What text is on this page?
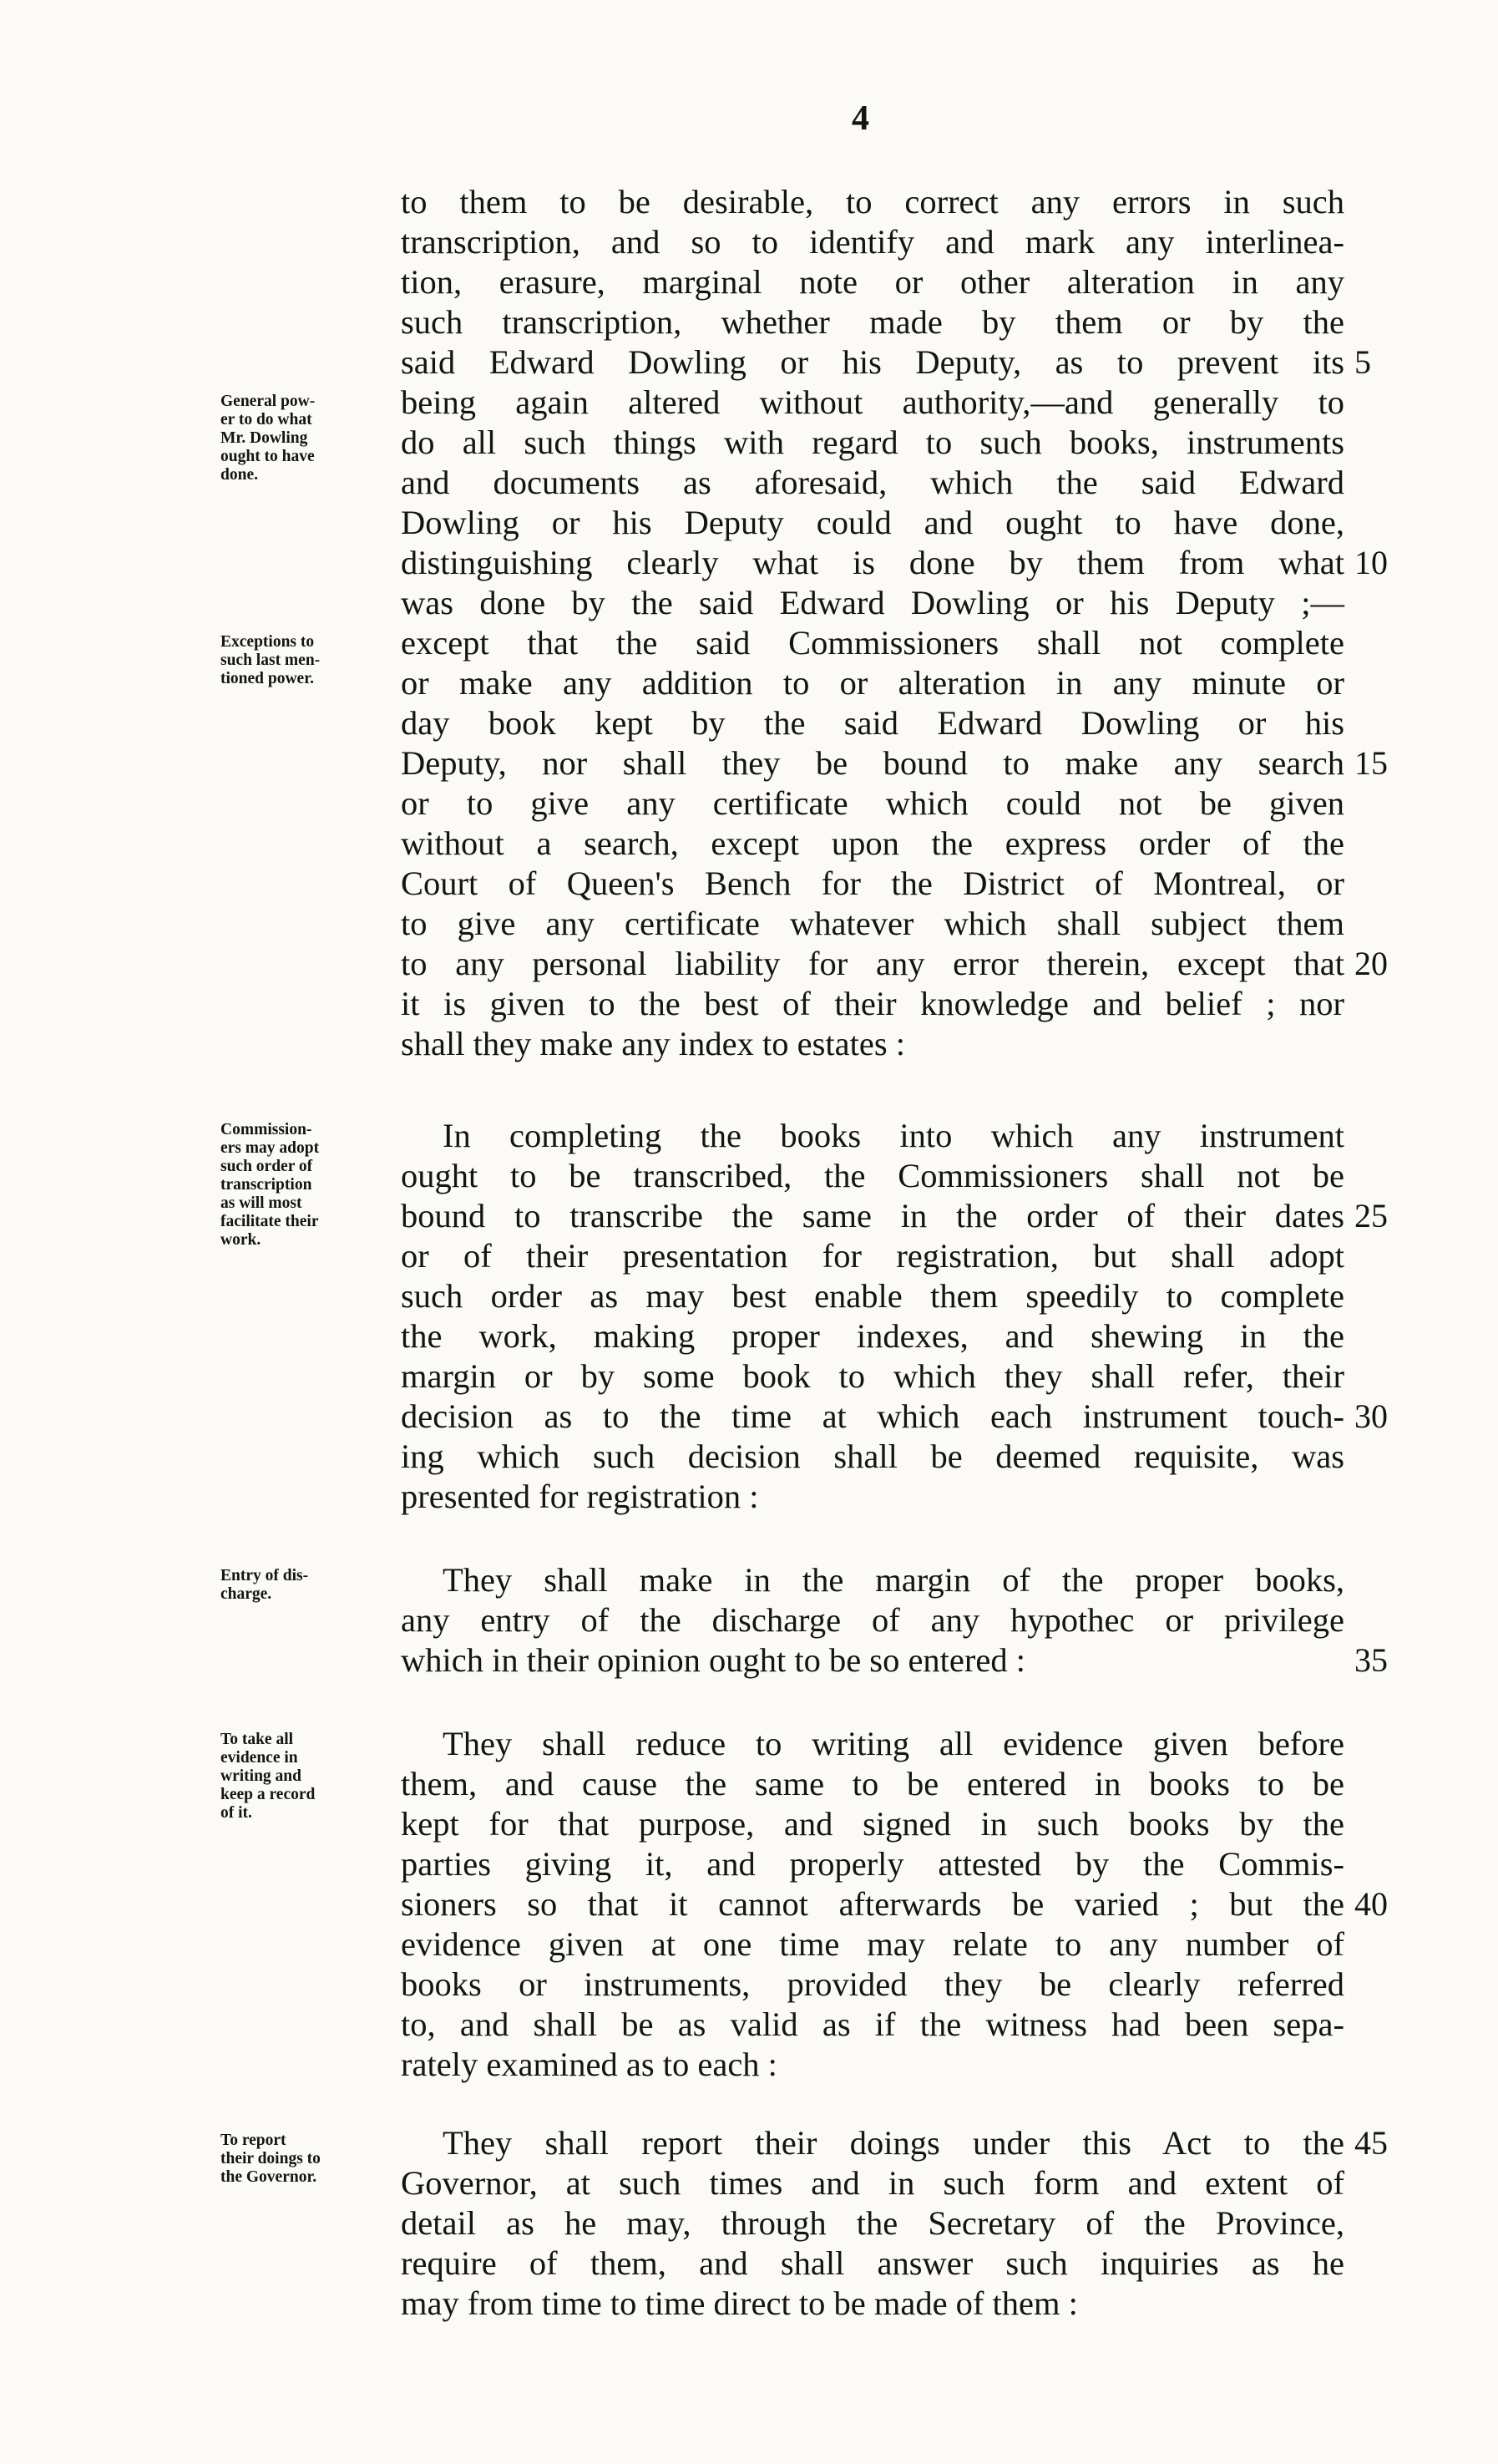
4
to them to be desirable, to correct any errors in such
transcription, and so to identify and mark any interlinea-
tion, erasure, marginal note or other alteration in any
such transcription, whether made by them or by the
said Edward Dowling or his Deputy, as to prevent its
being again altered without authority,—and generally to
do all such things with regard to such books, instruments
and documents as aforesaid, which the said Edward
Dowling or his Deputy could and ought to have done,
distinguishing clearly what is done by them from what
was done by the said Edward Dowling or his Deputy ;—
except that the said Commissioners shall not complete
or make any addition to or alteration in any minute or
day book kept by the said Edward Dowling or his
Deputy, nor shall they be bound to make any search
or to give any certificate which could not be given
without a search, except upon the express order of the
Court of Queen's Bench for the District of Montreal, or
to give any certificate whatever which shall subject them
to any personal liability for any error therein, except that
it is given to the best of their knowledge and belief ; nor
shall they make any index to estates :
In completing the books into which any instrument
ought to be transcribed, the Commissioners shall not be
bound to transcribe the same in the order of their dates
or of their presentation for registration, but shall adopt
such order as may best enable them speedily to complete
the work, making proper indexes, and shewing in the
margin or by some book to which they shall refer, their
decision as to the time at which each instrument touch-
ing which such decision shall be deemed requisite, was
presented for registration :
They shall make in the margin of the proper books,
any entry of the discharge of any hypothec or privilege
which in their opinion ought to be so entered :
They shall reduce to writing all evidence given before
them, and cause the same to be entered in books to be
kept for that purpose, and signed in such books by the
parties giving it, and properly attested by the Commis-
sioners so that it cannot afterwards be varied ; but the
evidence given at one time may relate to any number of
books or instruments, provided they be clearly referred
to, and shall be as valid as if the witness had been sepa-
rately examined as to each :
They shall report their doings under this Act to the
Governor, at such times and in such form and extent of
detail as he may, through the Secretary of the Province,
require of them, and shall answer such inquiries as he
may from time to time direct to be made of them :
5
10
15
20
25
30
35
40
45
General pow-
er to do what
Mr. Dowling
ought to have
done.
Exceptions to
such last men-
tioned power.
Commission-
ers may adopt
such order of
transcription
as will most
facilitate their
work.
Entry of dis-
charge.
To take all
evidence in
writing and
keep a record
of it.
To report
their doings to
the Governor.
